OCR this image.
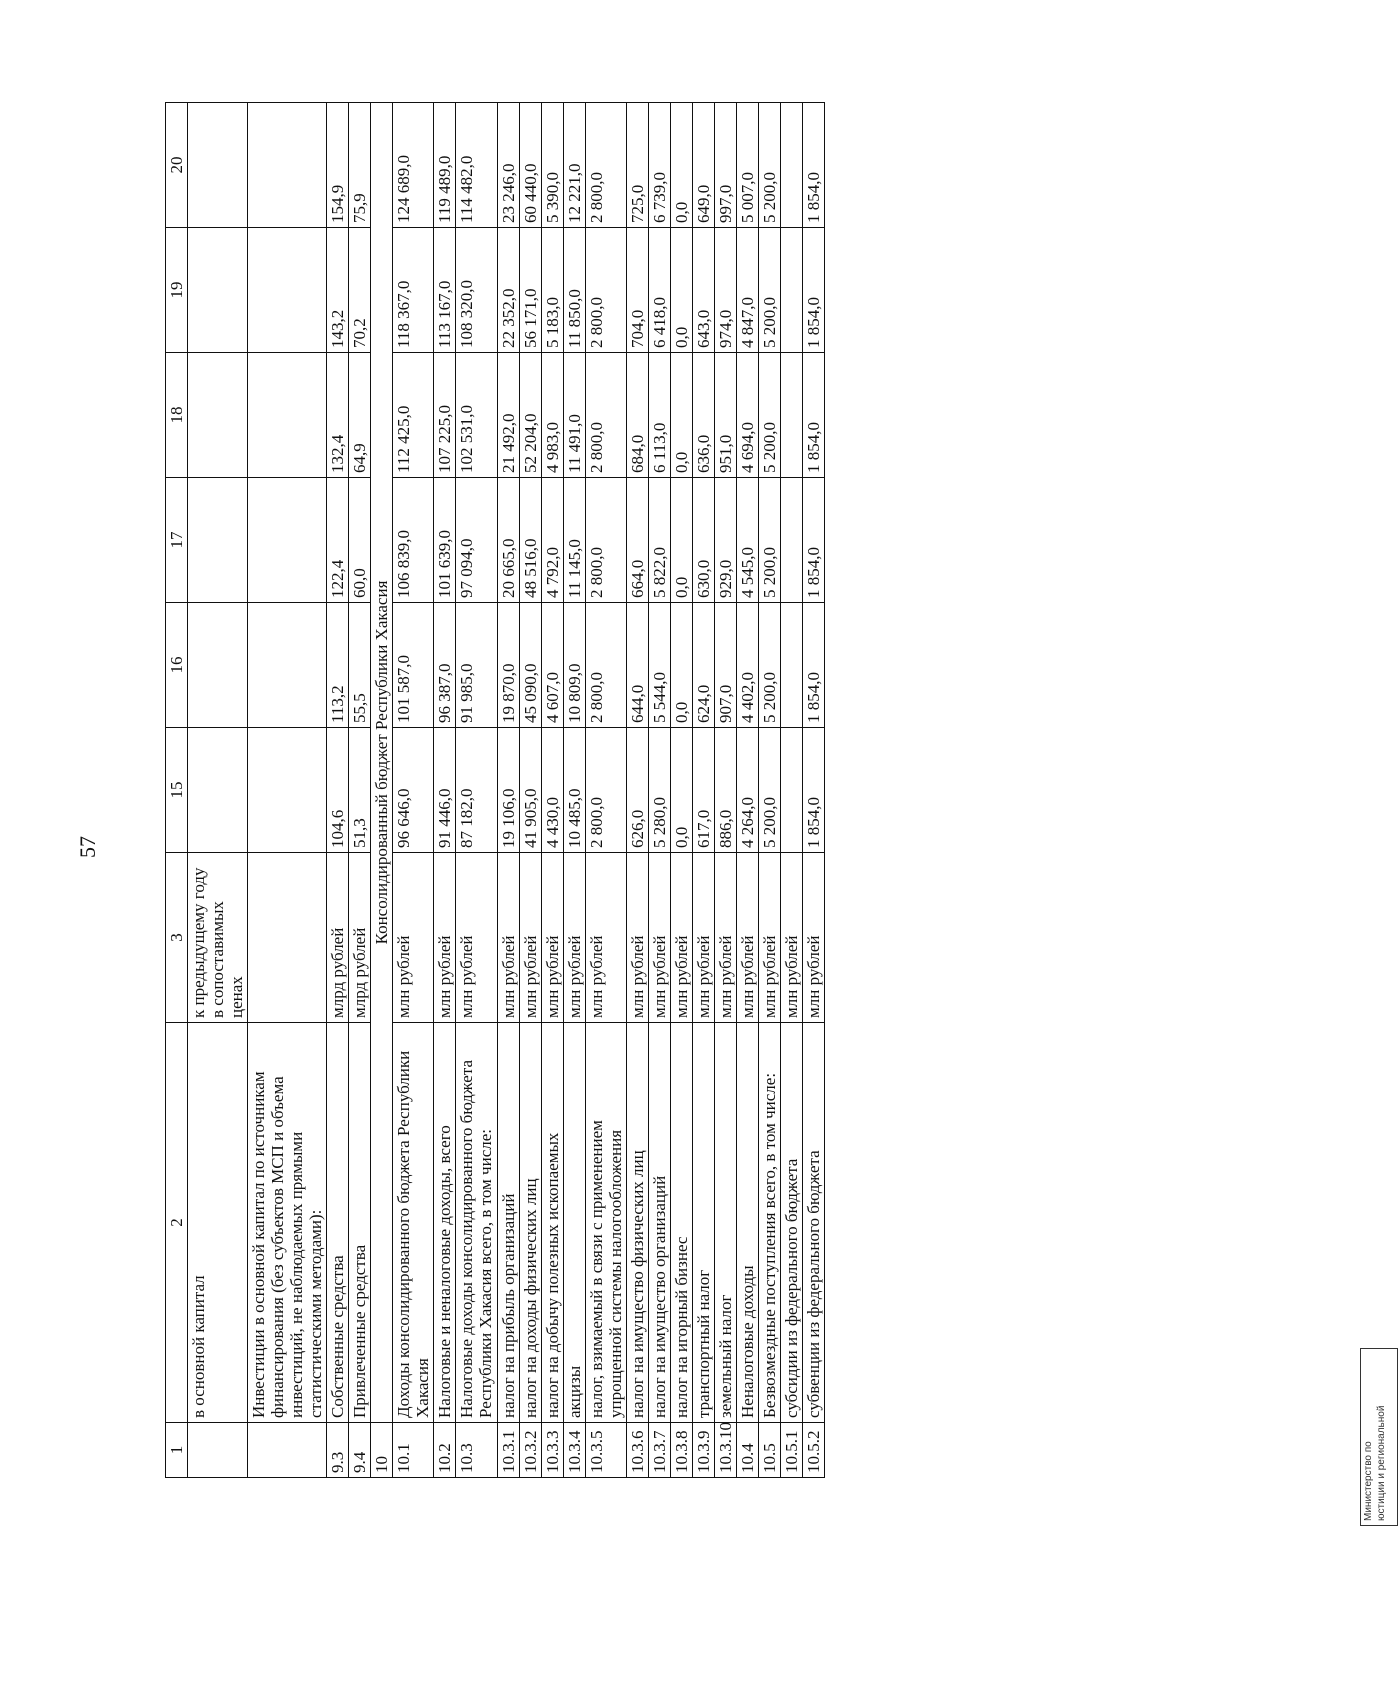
57
1	2	3	15	16	17	18	19	20
	в основной капитал	к предыдущему году в сопоставимых ценах						
	Инвестиции в основной капитал по источникам финансирования (без субъектов МСП и объема инвестиций, не наблюдаемых прямыми статистическими методами):							
9.3	Собственные средства	млрд рублей	104,6	113,2	122,4	132,4	143,2	154,9
9.4	Привлеченные средства	млрд рублей	51,3	55,5	60,0	64,9	70,2	75,9
10	Консолидированный бюджет Республики Хакасия							
10.1	Доходы консолидированного бюджета Республики Хакасия	млн рублей	96 646,0	101 587,0	106 839,0	112 425,0	118 367,0	124 689,0
10.2	Налоговые и неналоговые доходы, всего	млн рублей	91 446,0	96 387,0	101 639,0	107 225,0	113 167,0	119 489,0
10.3	Налоговые доходы консолидированного бюджета Республики Хакасия всего, в том числе:	млн рублей	87 182,0	91 985,0	97 094,0	102 531,0	108 320,0	114 482,0
10.3.1	налог на прибыль организаций	млн рублей	19 106,0	19 870,0	20 665,0	21 492,0	22 352,0	23 246,0
10.3.2	налог на доходы физических лиц	млн рублей	41 905,0	45 090,0	48 516,0	52 204,0	56 171,0	60 440,0
10.3.3	налог на добычу полезных ископаемых	млн рублей	4 430,0	4 607,0	4 792,0	4 983,0	5 183,0	5 390,0
10.3.4	акцизы	млн рублей	10 485,0	10 809,0	11 145,0	11 491,0	11 850,0	12 221,0
10.3.5	налог, взимаемый в связи с применением упрощенной системы налогообложения	млн рублей	2 800,0	2 800,0	2 800,0	2 800,0	2 800,0	2 800,0
10.3.6	налог на имущество физических лиц	млн рублей	626,0	644,0	664,0	684,0	704,0	725,0
10.3.7	налог на имущество организаций	млн рублей	5 280,0	5 544,0	5 822,0	6 113,0	6 418,0	6 739,0
10.3.8	налог на игорный бизнес	млн рублей	0,0	0,0	0,0	0,0	0,0	0,0
10.3.9	транспортный налог	млн рублей	617,0	624,0	630,0	636,0	643,0	649,0
10.3.10	земельный налог	млн рублей	886,0	907,0	929,0	951,0	974,0	997,0
10.4	Неналоговые доходы	млн рублей	4 264,0	4 402,0	4 545,0	4 694,0	4 847,0	5 007,0
10.5	Безвозмездные поступления всего, в том числе:	млн рублей	5 200,0	5 200,0	5 200,0	5 200,0	5 200,0	5 200,0
10.5.1	субсидии из федерального бюджета	млн рублей						
10.5.2	субвенции из федерального бюджета	млн рублей	1 854,0	1 854,0	1 854,0	1 854,0	1 854,0	1 854,0
Министерство по юстиции и региональной
